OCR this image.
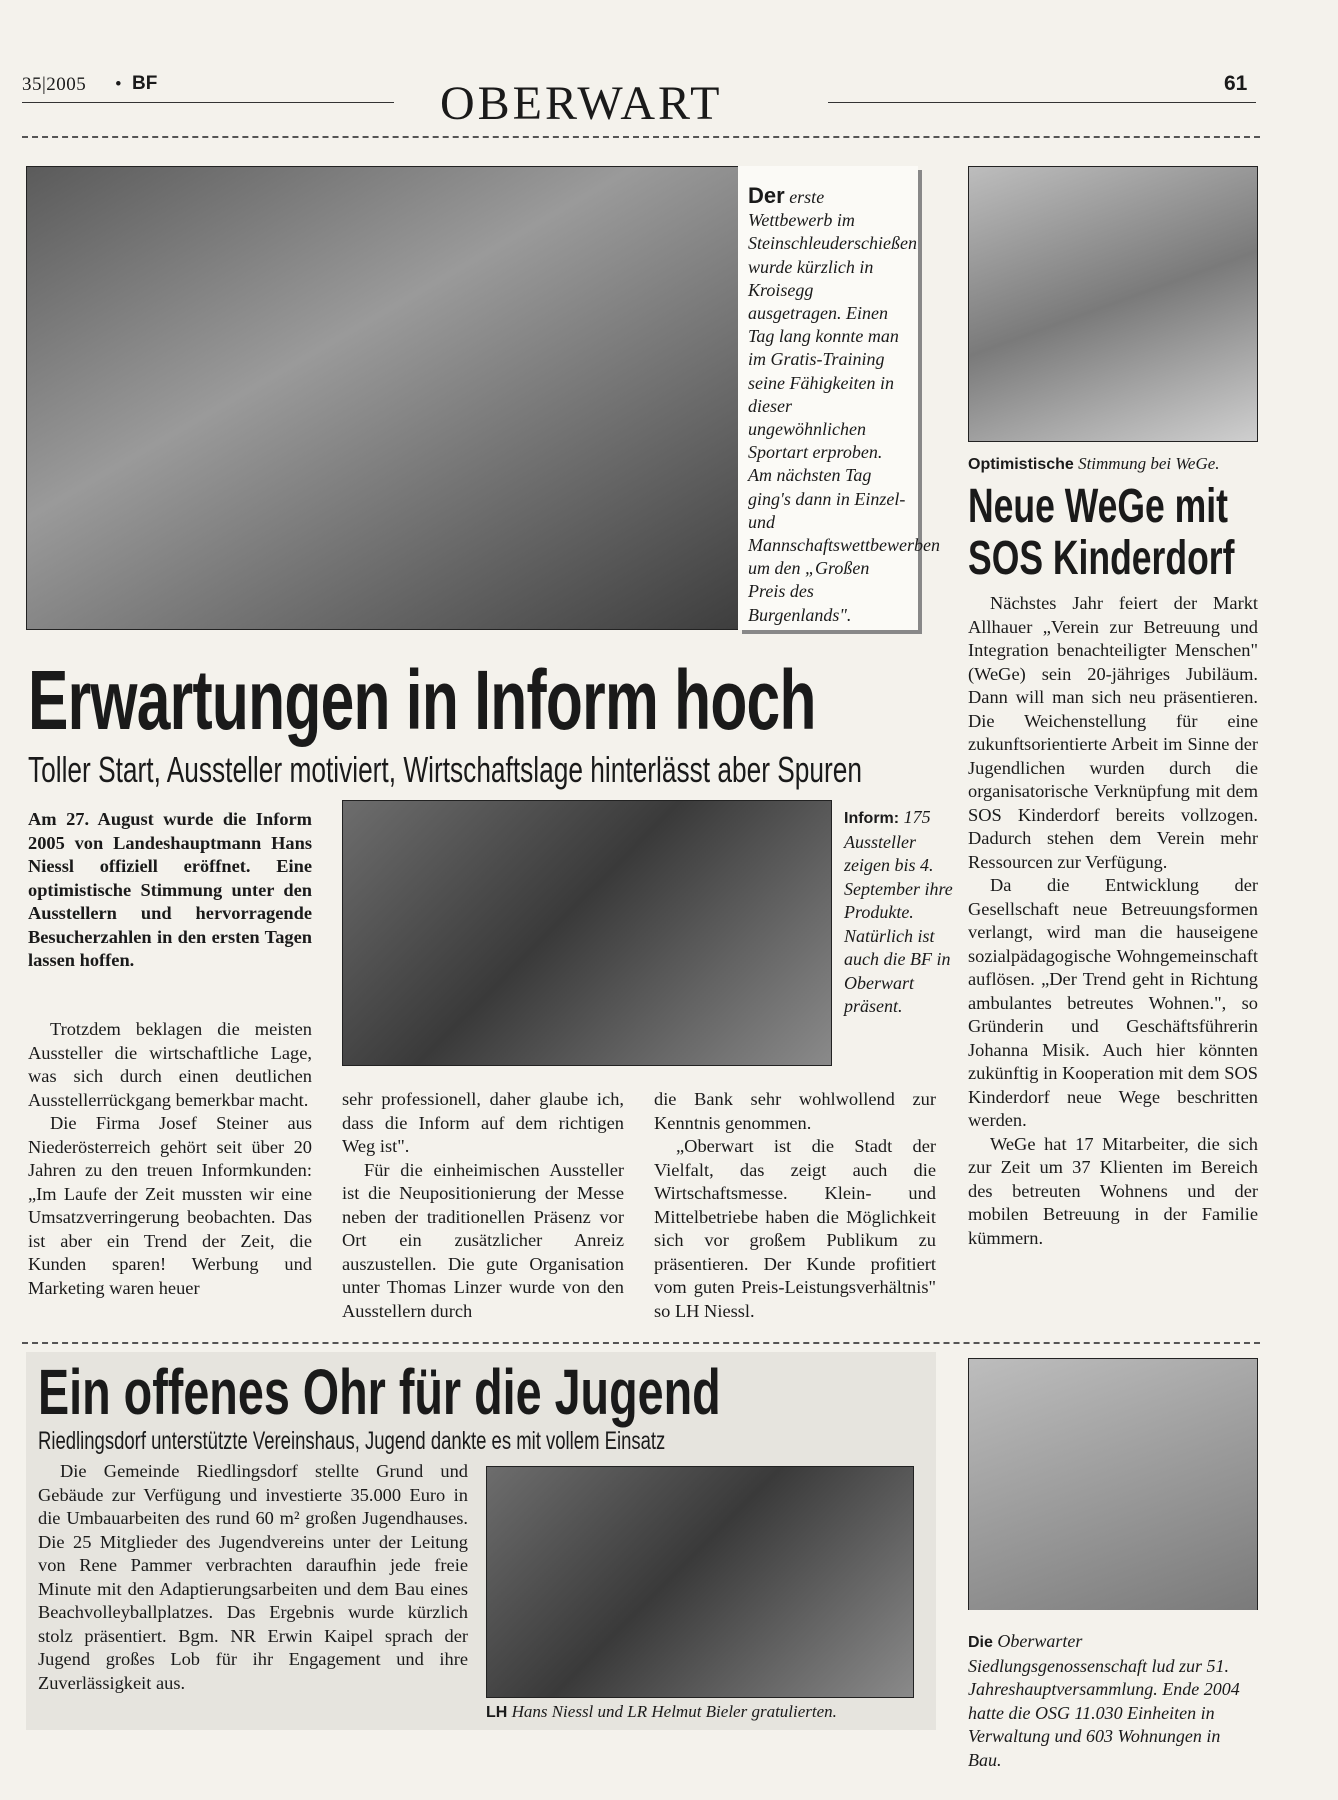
35|2005 • BF	OBERWART	61
Der erste Wettbewerb im Steinschleuderschießen wurde kürzlich in Kroisegg ausgetragen. Einen Tag lang konnte man im Gratis-Training seine Fähigkeiten in dieser ungewöhnlichen Sportart erproben. Am nächsten Tag ging's dann in Einzel- und Mannschaftswettbewerben um den „Großen Preis des Burgenlands".
Erwartungen in Inform hoch
Toller Start, Aussteller motiviert, Wirtschaftslage hinterlässt aber Spuren
Am 27. August wurde die Inform 2005 von Landeshauptmann Hans Niessl offiziell eröffnet. Eine optimistische Stimmung unter den Ausstellern und hervorragende Besucherzahlen in den ersten Tagen lassen hoffen.

Trotzdem beklagen die meisten Aussteller die wirtschaftliche Lage, was sich durch einen deutlichen Ausstellerrückgang bemerkbar macht.

Die Firma Josef Steiner aus Niederösterreich gehört seit über 20 Jahren zu den treuen Informkunden: „Im Laufe der Zeit mussten wir eine Umsatzverringerung beobachten. Das ist aber ein Trend der Zeit, die Kunden sparen! Werbung und Marketing waren heuer

Inform: 175 Aussteller zeigen bis 4. September ihre Produkte. Natürlich ist auch die BF in Oberwart präsent.

sehr professionell, daher glaube ich, dass die Inform auf dem richtigen Weg ist".

Für die einheimischen Aussteller ist die Neupositionierung der Messe neben der traditionellen Präsenz vor Ort ein zusätzlicher Anreiz auszustellen. Die gute Organisation unter Thomas Linzer wurde von den Ausstellern durch

die Bank sehr wohlwollend zur Kenntnis genommen.

„Oberwart ist die Stadt der Vielfalt, das zeigt auch die Wirtschaftsmesse. Klein- und Mittelbetriebe haben die Möglichkeit sich vor großem Publikum zu präsentieren. Der Kunde profitiert vom guten Preis-Leistungsverhältnis" so LH Niessl.

Optimistische Stimmung bei WeGe.
Neue WeGe mit
SOS Kinderdorf

Nächstes Jahr feiert der Markt Allhauer „Verein zur Betreuung und Integration benachteiligter Menschen" (WeGe) sein 20-jähriges Jubiläum. Dann will man sich neu präsentieren. Die Weichenstellung für eine zukunftsorientierte Arbeit im Sinne der Jugendlichen wurden durch die organisatorische Verknüpfung mit dem SOS Kinderdorf bereits vollzogen. Dadurch stehen dem Verein mehr Ressourcen zur Verfügung.

Da die Entwicklung der Gesellschaft neue Betreuungsformen verlangt, wird man die hauseigene sozialpädagogische Wohngemeinschaft auflösen. „Der Trend geht in Richtung ambulantes betreutes Wohnen.", so Gründerin und Geschäftsführerin Johanna Misik. Auch hier könnten zukünftig in Kooperation mit dem SOS Kinderdorf neue Wege beschritten werden.

WeGe hat 17 Mitarbeiter, die sich zur Zeit um 37 Klienten im Bereich des betreuten Wohnens und der mobilen Betreuung in der Familie kümmern.

Ein offenes Ohr für die Jugend
Riedlingsdorf unterstützte Vereinshaus, Jugend dankte es mit vollem Einsatz

Die Gemeinde Riedlingsdorf stellte Grund und Gebäude zur Verfügung und investierte 35.000 Euro in die Umbauarbeiten des rund 60 m² großen Jugendhauses. Die 25 Mitglieder des Jugendvereins unter der Leitung von Rene Pammer verbrachten daraufhin jede freie Minute mit den Adaptierungsarbeiten und dem Bau eines Beachvolleyballplatzes. Das Ergebnis wurde kürzlich stolz präsentiert. Bgm. NR Erwin Kaipel sprach der Jugend großes Lob für ihr Engagement und ihre Zuverlässigkeit aus.

LH Hans Niessl und LR Helmut Bieler gratulierten.
Die Oberwarter Siedlungsgenossenschaft lud zur 51. Jahreshauptversammlung. Ende 2004 hatte die OSG 11.030 Einheiten in Verwaltung und 603 Wohnungen in Bau.
